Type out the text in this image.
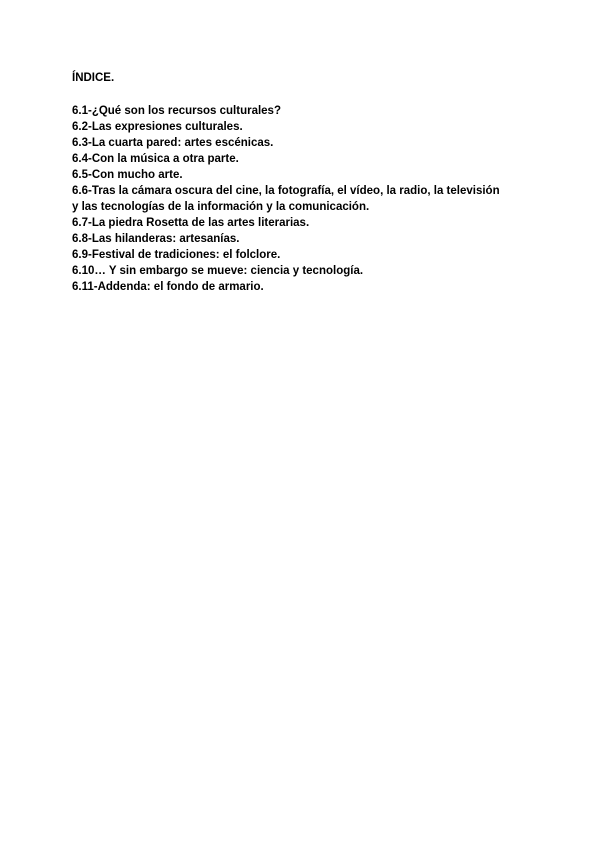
ÍNDICE.
6.1-¿Qué son los recursos culturales?
6.2-Las expresiones culturales.
6.3-La cuarta pared: artes escénicas.
6.4-Con la música a otra parte.
6.5-Con mucho arte.
6.6-Tras la cámara oscura del cine, la fotografía, el vídeo, la radio, la televisión
y las tecnologías de la información y la comunicación.
6.7-La piedra Rosetta de las artes literarias.
6.8-Las hilanderas: artesanías.
6.9-Festival de tradiciones: el folclore.
6.10… Y sin embargo se mueve: ciencia y tecnología.
6.11-Addenda: el fondo de armario.
